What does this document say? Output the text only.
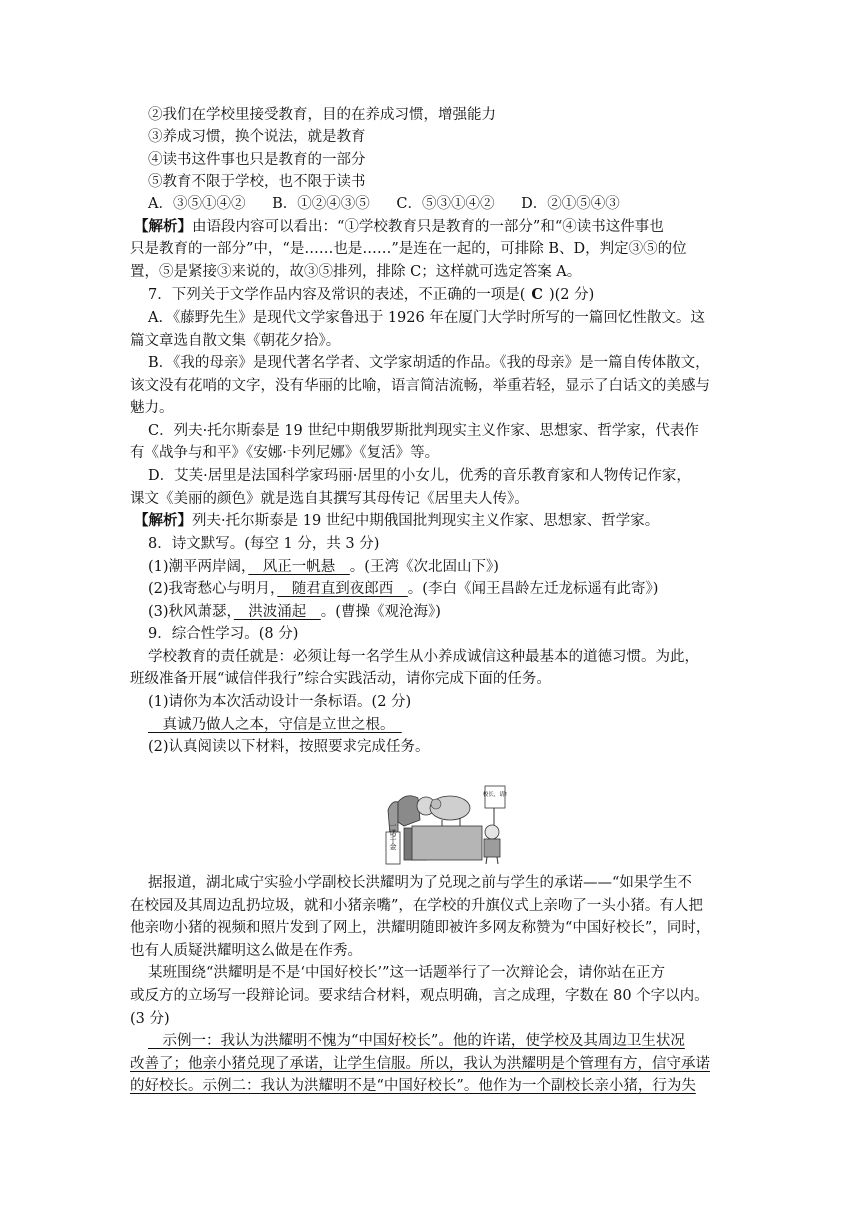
②我们在学校里接受教育，目的在养成习惯，增强能力
③养成习惯，换个说法，就是教育
④读书这件事也只是教育的一部分
⑤教育不限于学校，也不限于读书
A．③⑤①④② B．①②④③⑤ C．⑤③①④② D．②①⑤④③
【解析】由语段内容可以看出：“①学校教育只是教育的一部分”和“④读书这件事也
只是教育的一部分”中，“是……也是……”是连在一起的，可排除 B、D，判定③⑤的位
置，⑤是紧接③来说的，故③⑤排列，排除 C；这样就可选定答案 A。
7．下列关于文学作品内容及常识的表述，不正确的一项是( C )(2 分)
A．《藤野先生》是现代文学家鲁迅于 1926 年在厦门大学时所写的一篇回忆性散文。这
篇文章选自散文集《朝花夕拾》。
B．《我的母亲》是现代著名学者、文学家胡适的作品。《我的母亲》是一篇自传体散文，
该文没有花哨的文字，没有华丽的比喻，语言简洁流畅，举重若轻，显示了白话文的美感与
魅力。
C．列夫·托尔斯泰是 19 世纪中期俄罗斯批判现实主义作家、思想家、哲学家，代表作
有《战争与和平》《安娜·卡列尼娜》《复活》等。
D．艾芙·居里是法国科学家玛丽·居里的小女儿，优秀的音乐教育家和人物传记作家，
课文《美丽的颜色》就是选自其撰写其母传记《居里夫人传》。
【解析】列夫·托尔斯泰是 19 世纪中期俄国批判现实主义作家、思想家、哲学家。
8．诗文默写。(每空 1 分，共 3 分)
(1)潮平两岸阔，　风正一帆悬　。(王湾《次北固山下》)
(2)我寄愁心与明月，　随君直到夜郎西　。(李白《闻王昌龄左迁龙标遥有此寄》)
(3)秋风萧瑟，　洪波涌起　。(曹操《观沧海》)
9．综合性学习。(8 分)
学校教育的责任就是：必须让每一名学生从小养成诚信这种最基本的道德习惯。为此，
班级准备开展“诚信伴我行”综合实践活动，请你完成下面的任务。
(1)请你为本次活动设计一条标语。(2 分)
　真诚乃做人之本，守信是立世之根。　
(2)认真阅读以下材料，按照要求完成任务。
一诺千金
校长，请!
据报道，湖北咸宁实验小学副校长洪耀明为了兑现之前与学生的承诺——“如果学生不
在校园及其周边乱扔垃圾，就和小猪亲嘴”，在学校的升旗仪式上亲吻了一头小猪。有人把
他亲吻小猪的视频和照片发到了网上，洪耀明随即被许多网友称赞为“中国好校长”，同时，
也有人质疑洪耀明这么做是在作秀。
某班围绕“洪耀明是不是‘中国好校长’”这一话题举行了一次辩论会，请你站在正方
或反方的立场写一段辩论词。要求结合材料，观点明确，言之成理，字数在 80 个字以内。
(3 分)
　示例一：我认为洪耀明不愧为“中国好校长”。他的许诺，使学校及其周边卫生状况
改善了；他亲小猪兑现了承诺，让学生信服。所以，我认为洪耀明是个管理有方，信守承诺
的好校长。示例二：我认为洪耀明不是“中国好校长”。他作为一个副校长亲小猪，行为失
